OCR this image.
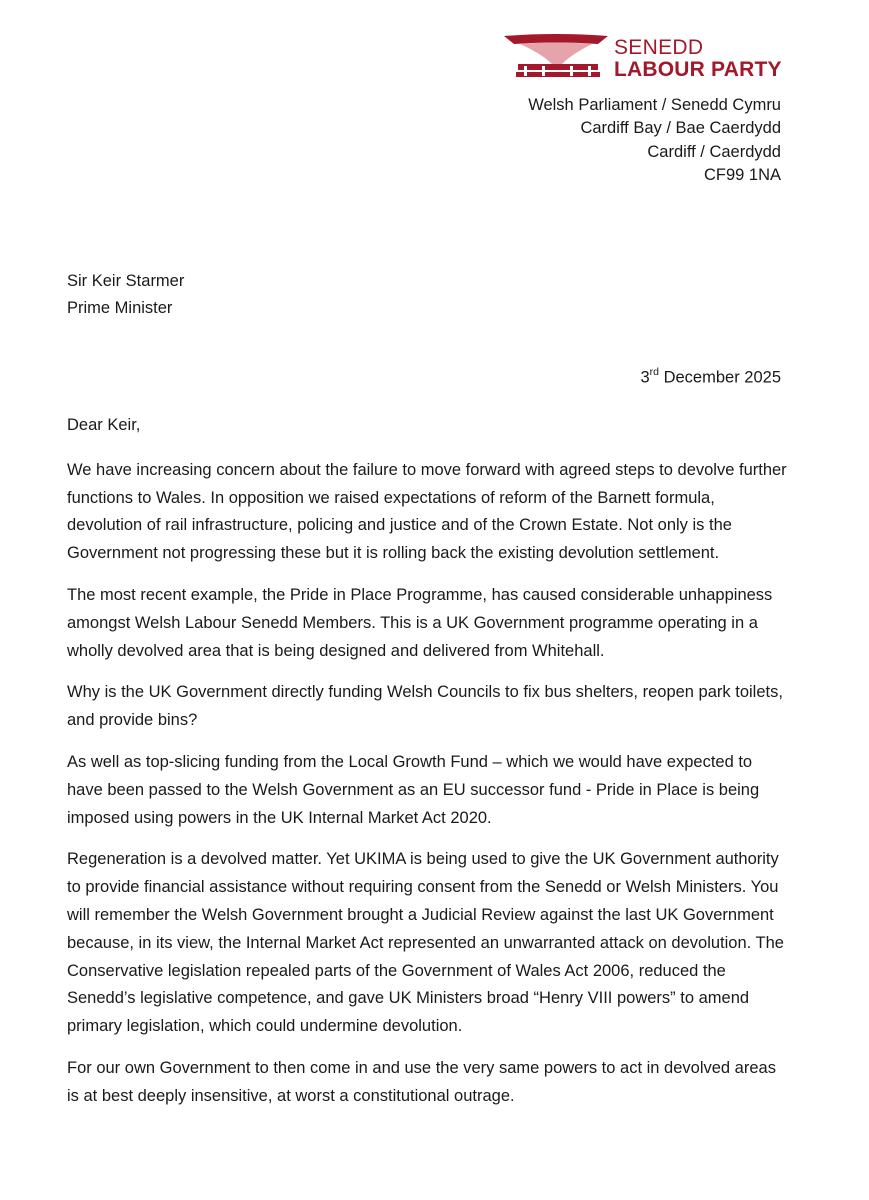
SENEDD
LABOUR PARTY
Welsh Parliament / Senedd Cymru
Cardiff Bay / Bae Caerdydd
Cardiff / Caerdydd
CF99 1NA
Sir Keir Starmer
Prime Minister
3rd December 2025

Dear Keir,

We have increasing concern about the failure to move forward with agreed steps to devolve further functions to Wales. In opposition we raised expectations of reform of the Barnett formula, devolution of rail infrastructure, policing and justice and of the Crown Estate. Not only is the Government not progressing these but it is rolling back the existing devolution settlement.

The most recent example, the Pride in Place Programme, has caused considerable unhappiness amongst Welsh Labour Senedd Members. This is a UK Government programme operating in a wholly devolved area that is being designed and delivered from Whitehall.

Why is the UK Government directly funding Welsh Councils to fix bus shelters, reopen park toilets, and provide bins?

As well as top-slicing funding from the Local Growth Fund – which we would have expected to have been passed to the Welsh Government as an EU successor fund - Pride in Place is being imposed using powers in the UK Internal Market Act 2020.

Regeneration is a devolved matter. Yet UKIMA is being used to give the UK Government authority to provide financial assistance without requiring consent from the Senedd or Welsh Ministers. You will remember the Welsh Government brought a Judicial Review against the last UK Government because, in its view, the Internal Market Act represented an unwarranted attack on devolution. The Conservative legislation repealed parts of the Government of Wales Act 2006, reduced the Senedd’s legislative competence, and gave UK Ministers broad “Henry VIII powers” to amend primary legislation, which could undermine devolution.

For our own Government to then come in and use the very same powers to act in devolved areas is at best deeply insensitive, at worst a constitutional outrage.
